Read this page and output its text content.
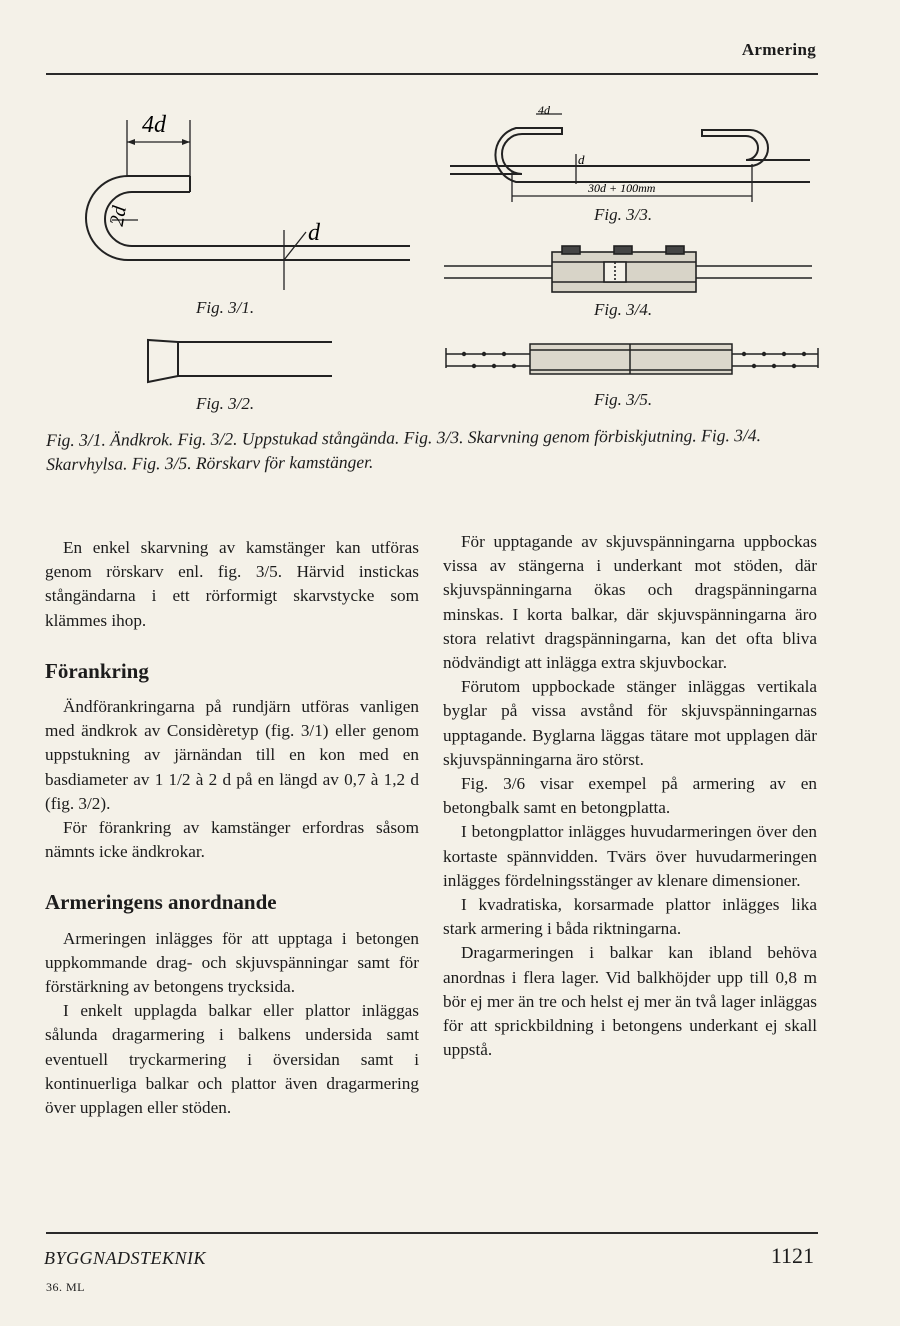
Armering
4d
2d
d
Fig. 3/1.
Fig. 3/2.
4d
d
30d + 100mm
Fig. 3/3.
Fig. 3/4.
Fig. 3/5.
Fig. 3/1. Ändkrok. Fig. 3/2. Uppstukad stångända. Fig. 3/3. Skarvning genom förbiskjutning. Fig. 3/4. Skarvhylsa. Fig. 3/5. Rörskarv för kamstänger.

En enkel skarvning av kamstänger kan utföras genom rörskarv enl. fig. 3/5. Härvid instickas stångändarna i ett rörformigt skarvstycke som klämmes ihop.

Förankring

Ändförankringarna på rundjärn utföras vanligen med ändkrok av Considèretyp (fig. 3/1) eller genom uppstukning av järnändan till en kon med en basdiameter av 1 1/2 à 2 d på en längd av 0,7 à 1,2 d (fig. 3/2).

För förankring av kamstänger erfordras såsom nämnts icke ändkrokar.

Armeringens anordnande

Armeringen inlägges för att upptaga i betongen uppkommande drag- och skjuvspänningar samt för förstärkning av betongens trycksida.

I enkelt upplagda balkar eller plattor inläggas sålunda dragarmering i balkens undersida samt eventuell tryckarmering i översidan samt i kontinuerliga balkar och plattor även dragarmering över upplagen eller stöden.

För upptagande av skjuvspänningarna uppbockas vissa av stängerna i underkant mot stöden, där skjuvspänningarna ökas och dragspänningarna minskas. I korta balkar, där skjuvspänningarna äro stora relativt dragspänningarna, kan det ofta bliva nödvändigt att inlägga extra skjuvbockar.

Förutom uppbockade stänger inläggas vertikala byglar på vissa avstånd för skjuvspänningarnas upptagande. Byglarna läggas tätare mot upplagen där skjuvspänningarna äro störst.

Fig. 3/6 visar exempel på armering av en betongbalk samt en betongplatta.

I betongplattor inlägges huvudarmeringen över den kortaste spännvidden. Tvärs över huvudarmeringen inlägges fördelningsstänger av klenare dimensioner.

I kvadratiska, korsarmade plattor inlägges lika stark armering i båda riktningarna.

Dragarmeringen i balkar kan ibland behöva anordnas i flera lager. Vid balkhöjder upp till 0,8 m bör ej mer än tre och helst ej mer än två lager inläggas för att sprickbildning i betongens underkant ej skall uppstå.

BYGGNADSTEKNIK	1121
36. ML
